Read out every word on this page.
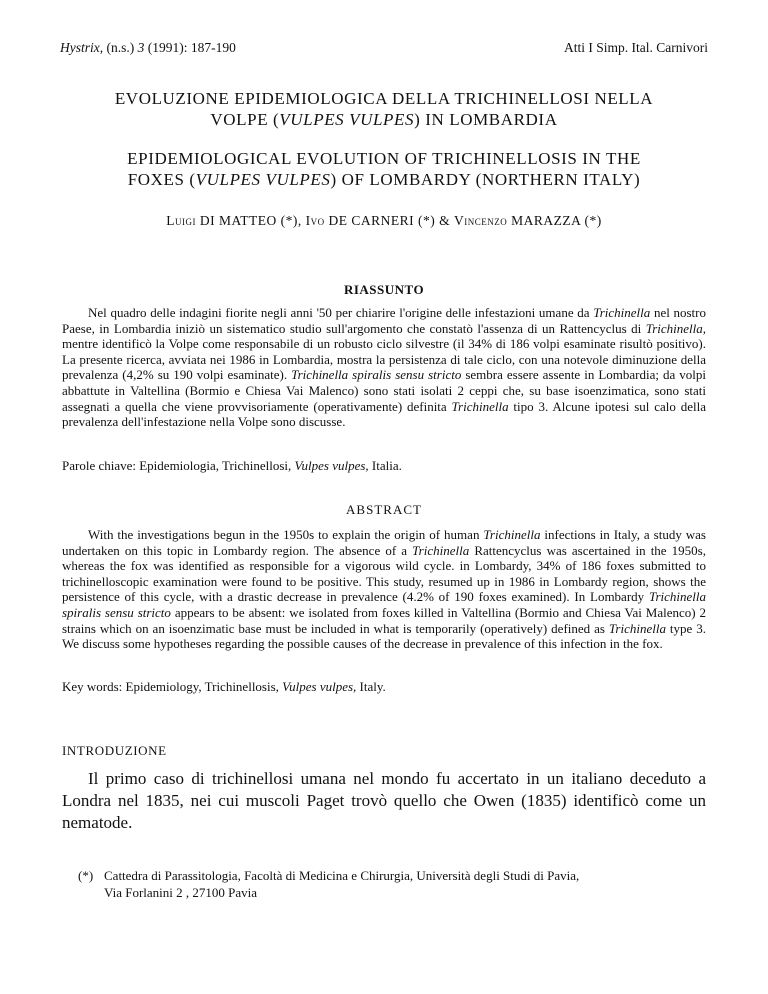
Hystrix, (n.s.) 3 (1991): 187-190	Atti I Simp. Ital. Carnivori
EVOLUZIONE EPIDEMIOLOGICA DELLA TRICHINELLOSI NELLA
VOLPE (VULPES VULPES) IN LOMBARDIA
EPIDEMIOLOGICAL EVOLUTION OF TRICHINELLOSIS IN THE
FOXES (VULPES VULPES) OF LOMBARDY (NORTHERN ITALY)
Luigi DI MATTEO (*), Ivo DE CARNERI (*) & Vincenzo MARAZZA (*)
RIASSUNTO
Nel quadro delle indagini fiorite negli anni '50 per chiarire l'origine delle infestazioni umane da Trichinella nel nostro Paese, in Lombardia iniziò un sistematico studio sull'argomento che constatò l'assenza di un Rattencyclus di Trichinella, mentre identificò la Volpe come responsabile di un robusto ciclo silvestre (il 34% di 186 volpi esaminate risultò positivo). La presente ricerca, avviata nei 1986 in Lombardia, mostra la persistenza di tale ciclo, con una notevole diminuzione della prevalenza (4,2% su 190 volpi esaminate). Trichinella spiralis sensu stricto sembra essere assente in Lombardia; da volpi abbattute in Valtellina (Bormio e Chiesa Vai Malenco) sono stati isolati 2 ceppi che, su base isoenzimatica, sono stati assegnati a quella che viene provvisoriamente (operativamente) definita Trichinella tipo 3. Alcune ipotesi sul calo della prevalenza dell'infestazione nella Volpe sono discusse.
Parole chiave: Epidemiologia, Trichinellosi, Vulpes vulpes, Italia.
ABSTRACT
With the investigations begun in the 1950s to explain the origin of human Trichinella infections in Italy, a study was undertaken on this topic in Lombardy region. The absence of a Trichinella Rattencyclus was ascertained in the 1950s, whereas the fox was identified as responsible for a vigorous wild cycle. in Lombardy, 34% of 186 foxes submitted to trichinelloscopic examination were found to be positive. This study, resumed up in 1986 in Lombardy region, shows the persistence of this cycle, with a drastic decrease in prevalence (4.2% of 190 foxes examined). In Lombardy Trichinella spiralis sensu stricto appears to be absent: we isolated from foxes killed in Valtellina (Bormio and Chiesa Vai Malenco) 2 strains which on an isoenzimatic base must be included in what is temporarily (operatively) defined as Trichinella type 3. We discuss some hypotheses regarding the possible causes of the decrease in prevalence of this infection in the fox.
Key words: Epidemiology, Trichinellosis, Vulpes vulpes, Italy.
INTRODUZIONE
Il primo caso di trichinellosi umana nel mondo fu accertato in un italiano deceduto a Londra nel 1835, nei cui muscoli Paget trovò quello che Owen (1835) identificò come un nematode.
(*) Cattedra di Parassitologia, Facoltà di Medicina e Chirurgia, Università degli Studi di Pavia,
Via Forlanini 2 , 27100 Pavia
